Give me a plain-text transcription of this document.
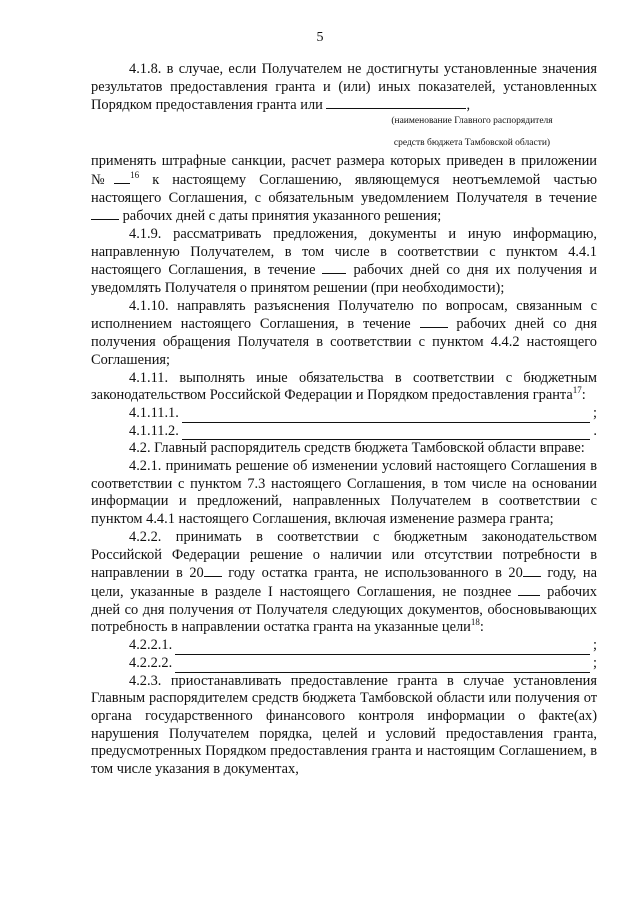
5

4.1.8. в случае, если Получателем не достигнуты установленные значения результатов предоставления гранта и (или) иных показателей, установленных Порядком предоставления гранта или	,

(наименование Главного распорядителя

средств бюджета Тамбовской области)

применять штрафные санкции, расчет размера которых приведен в приложении № $^{16}$ к настоящему Соглашению, являющемуся неотъемлемой частью настоящего Соглашения, с обязательным уведомлением Получателя в течение  рабочих дней с даты принятия указанного решения;

4.1.9. рассматривать предложения, документы и иную информацию, направленную Получателем, в том числе в соответствии с пунктом 4.4.1 настоящего Соглашения, в течение	рабочих дней со дня их получения и уведомлять Получателя о принятом решении (при необходимости);

4.1.10. направлять разъяснения Получателю по вопросам, связанным с исполнением настоящего Соглашения, в течение	рабочих дней со дня получения обращения Получателя в соответствии с пунктом 4.4.2 настоящего Соглашения;

4.1.11. выполнять иные обязательства в соответствии с бюджетным законодательством Российской Федерации и Порядком предоставления гранта$^{17}$:

4.1.11.1.	;
4.1.11.2.	.

4.2. Главный распорядитель средств бюджета Тамбовской области вправе:

4.2.1. принимать решение об изменении условий настоящего Соглашения в соответствии с пунктом 7.3 настоящего Соглашения, в том числе на основании информации и предложений, направленных Получателем в соответствии с пунктом 4.4.1 настоящего Соглашения, включая изменение размера гранта;

4.2.2. принимать в соответствии с бюджетным законодательством Российской Федерации решение о наличии или отсутствии потребности в направлении в 20 году остатка гранта, не использованного в 20 году, на цели, указанные в разделе I настоящего Соглашения, не позднее  рабочих дней со дня получения от Получателя следующих документов, обосновывающих потребность в направлении остатка гранта на указанные цели$^{18}$:

4.2.2.1.	;
4.2.2.2.	;

4.2.3. приостанавливать предоставление гранта в случае установления Главным распорядителем средств бюджета Тамбовской области или получения от органа государственного финансового контроля информации о факте(ах) нарушения Получателем порядка, целей и условий предоставления гранта, предусмотренных Порядком предоставления гранта и настоящим Соглашением, в том числе указания в документах,
